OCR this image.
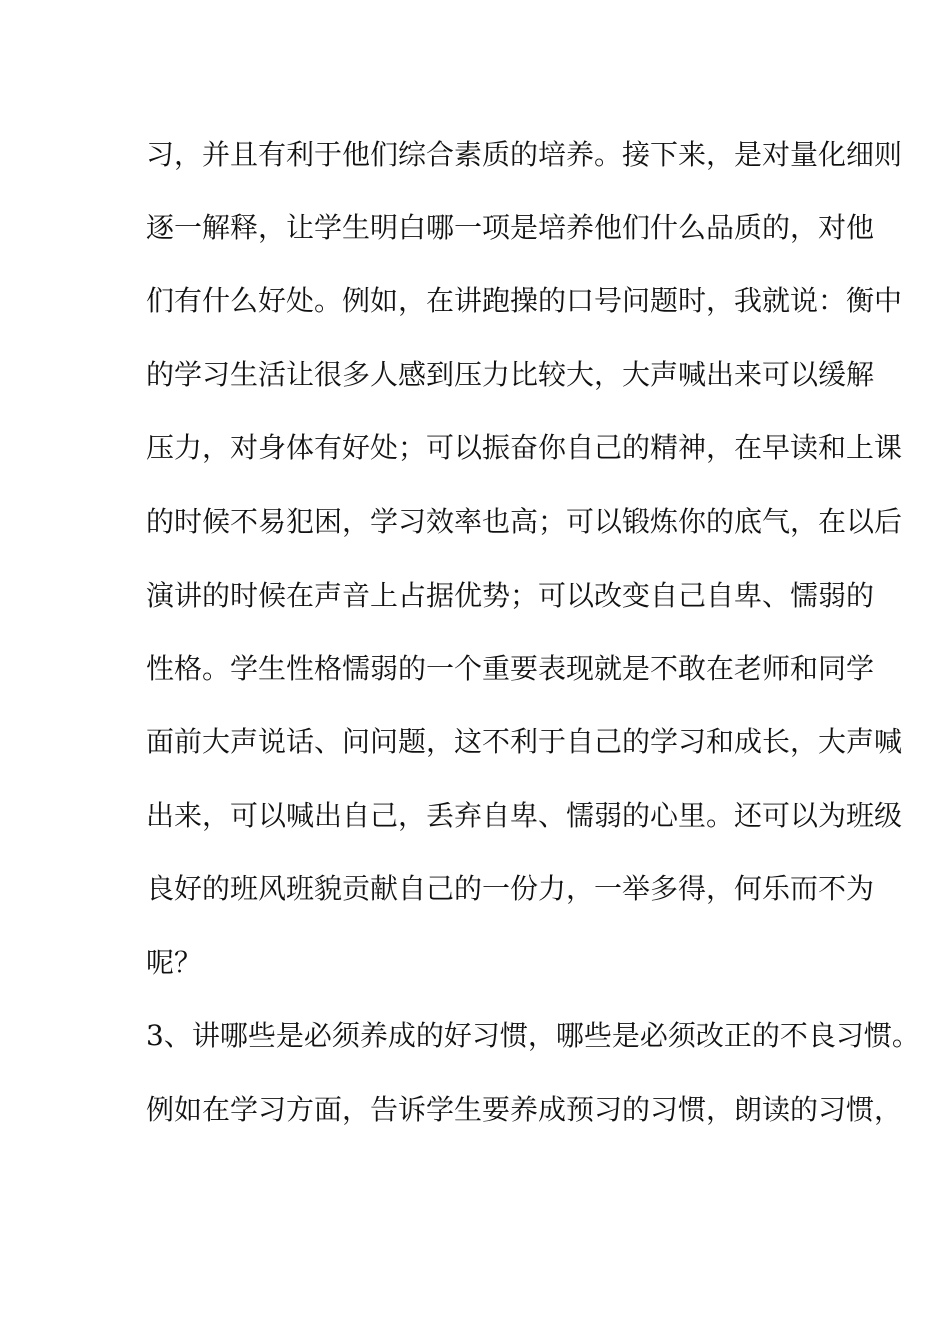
习，并且有利于他们综合素质的培养。接下来，是对量化细则
逐一解释，让学生明白哪一项是培养他们什么品质的，对他
们有什么好处。例如，在讲跑操的口号问题时，我就说：衡中
的学习生活让很多人感到压力比较大，大声喊出来可以缓解
压力，对身体有好处；可以振奋你自己的精神，在早读和上课
的时候不易犯困，学习效率也高；可以锻炼你的底气，在以后
演讲的时候在声音上占据优势；可以改变自己自卑、懦弱的
性格。学生性格懦弱的一个重要表现就是不敢在老师和同学
面前大声说话、问问题，这不利于自己的学习和成长，大声喊
出来，可以喊出自己，丢弃自卑、懦弱的心里。还可以为班级
良好的班风班貌贡献自己的一份力，一举多得，何乐而不为
呢？
3、讲哪些是必须养成的好习惯，哪些是必须改正的不良习惯。
例如在学习方面，告诉学生要养成预习的习惯，朗读的习惯，
